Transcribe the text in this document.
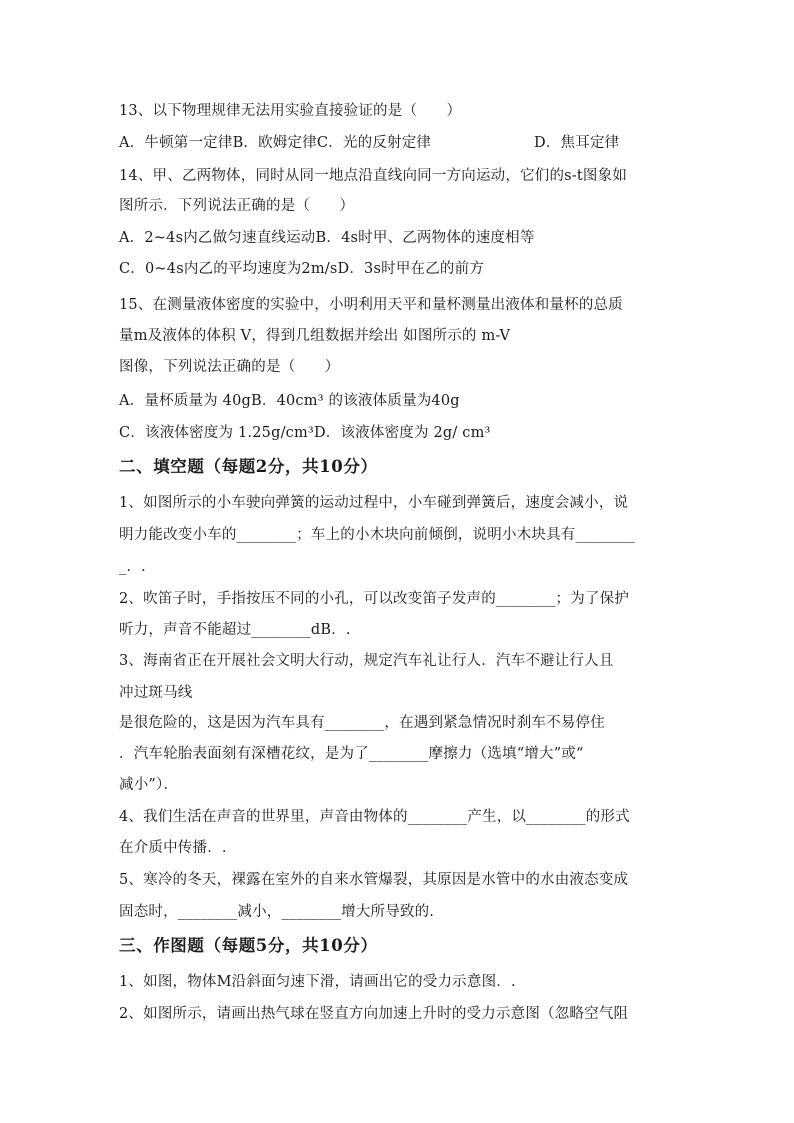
13、以下物理规律无法用实验直接验证的是（　　）
A．牛顿第一定律B．欧姆定律C．光的反射定律　　　　　　　D．焦耳定律
14、甲、乙两物体，同时从同一地点沿直线向同一方向运动，它们的s-t图象如
图所示．下列说法正确的是（　　）
A．2~4s内乙做匀速直线运动B．4s时甲、乙两物体的速度相等
C．0~4s内乙的平均速度为2m/sD．3s时甲在乙的前方
15、在测量液体密度的实验中，小明利用天平和量杯测量出液体和量杯的总质
量m及液体的体积 V，得到几组数据并绘出 如图所示的 m-V
图像，下列说法正确的是（　　）
A．量杯质量为 40gB．40cm³ 的该液体质量为40g
C．该液体密度为 1.25g/cm³D．该液体密度为 2g/ cm³
二、填空题（每题2分，共10分）
1、如图所示的小车驶向弹簧的运动过程中，小车碰到弹簧后，速度会减小，说
明力能改变小车的________；车上的小木块向前倾倒，说明小木块具有________
_．.
2、吹笛子时，手指按压不同的小孔，可以改变笛子发声的________；为了保护
听力，声音不能超过________dB．.
3、海南省正在开展社会文明大行动，规定汽车礼让行人．汽车不避让行人且
冲过斑马线
是很危险的，这是因为汽车具有________，在遇到紧急情况时刹车不易停住
．汽车轮胎表面刻有深槽花纹，是为了________摩擦力（选填“增大”或“
减小”）．
4、我们生活在声音的世界里，声音由物体的________产生，以________的形式
在介质中传播．.
5、寒冷的冬天，裸露在室外的自来水管爆裂，其原因是水管中的水由液态变成
固态时，________减小，________增大所导致的.
三、作图题（每题5分，共10分）
1、如图，物体M沿斜面匀速下滑，请画出它的受力示意图．.
2、如图所示，请画出热气球在竖直方向加速上升时的受力示意图（忽略空气阻
